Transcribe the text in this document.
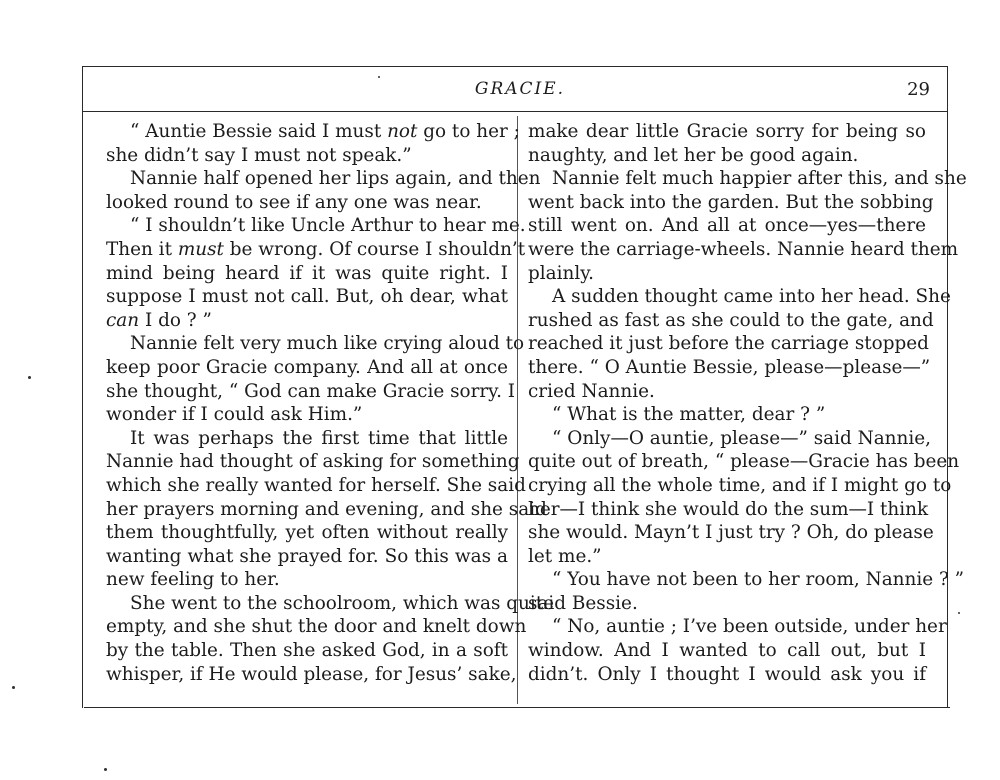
GRACIE.	29
“ Auntie Bessie said I must not go to her ;
she didn’t say I must not speak.”
Nannie half opened her lips again, and then
looked round to see if any one was near.
“ I shouldn’t like Uncle Arthur to hear me.
Then it must be wrong. Of course I shouldn’t
mind being heard if it was quite right. I
suppose I must not call. But, oh dear, what
can I do ? ”
Nannie felt very much like crying aloud to
keep poor Gracie company. And all at once
she thought, “ God can make Gracie sorry. I
wonder if I could ask Him.”
It was perhaps the first time that little
Nannie had thought of asking for something
which she really wanted for herself. She said
her prayers morning and evening, and she said
them thoughtfully, yet often without really
wanting what she prayed for. So this was a
new feeling to her.
She went to the schoolroom, which was quite
empty, and she shut the door and knelt down
by the table. Then she asked God, in a soft
whisper, if He would please, for Jesus’ sake,
make dear little Gracie sorry for being so
naughty, and let her be good again.
Nannie felt much happier after this, and she
went back into the garden. But the sobbing
still went on. And all at once—yes—there
were the carriage-wheels. Nannie heard them
plainly.
A sudden thought came into her head. She
rushed as fast as she could to the gate, and
reached it just before the carriage stopped
there. “ O Auntie Bessie, please—please—”
cried Nannie.
“ What is the matter, dear ? ”
“ Only—O auntie, please—” said Nannie,
quite out of breath, “ please—Gracie has been
crying all the whole time, and if I might go to
her—I think she would do the sum—I think
she would. Mayn’t I just try ? Oh, do please
let me.”
“ You have not been to her room, Nannie ? ”
said Bessie.
“ No, auntie ; I’ve been outside, under her
window. And I wanted to call out, but I
didn’t. Only I thought I would ask you if
